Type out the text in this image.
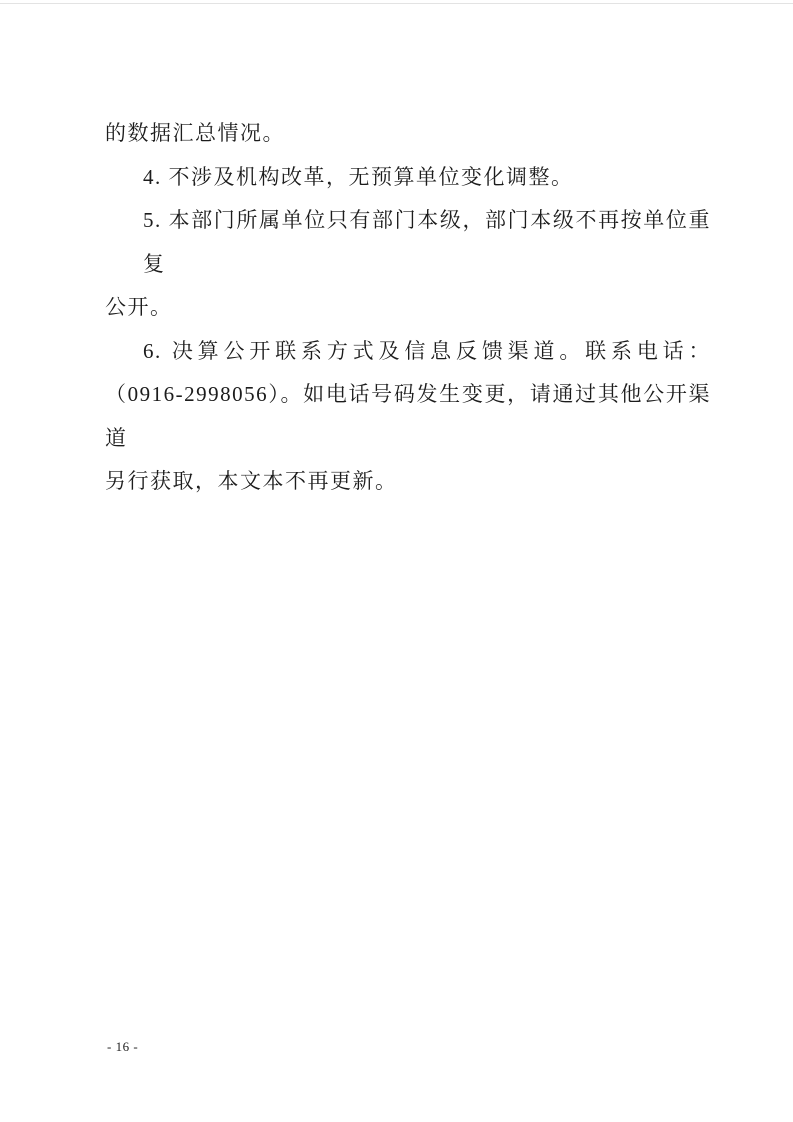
的数据汇总情况。
4. 不涉及机构改革，无预算单位变化调整。
5. 本部门所属单位只有部门本级，部门本级不再按单位重复
公开。
6. 决算公开联系方式及信息反馈渠道。联系电话：
（0916-2998056）。如电话号码发生变更，请通过其他公开渠道
另行获取，本文本不再更新。
- 16 -
